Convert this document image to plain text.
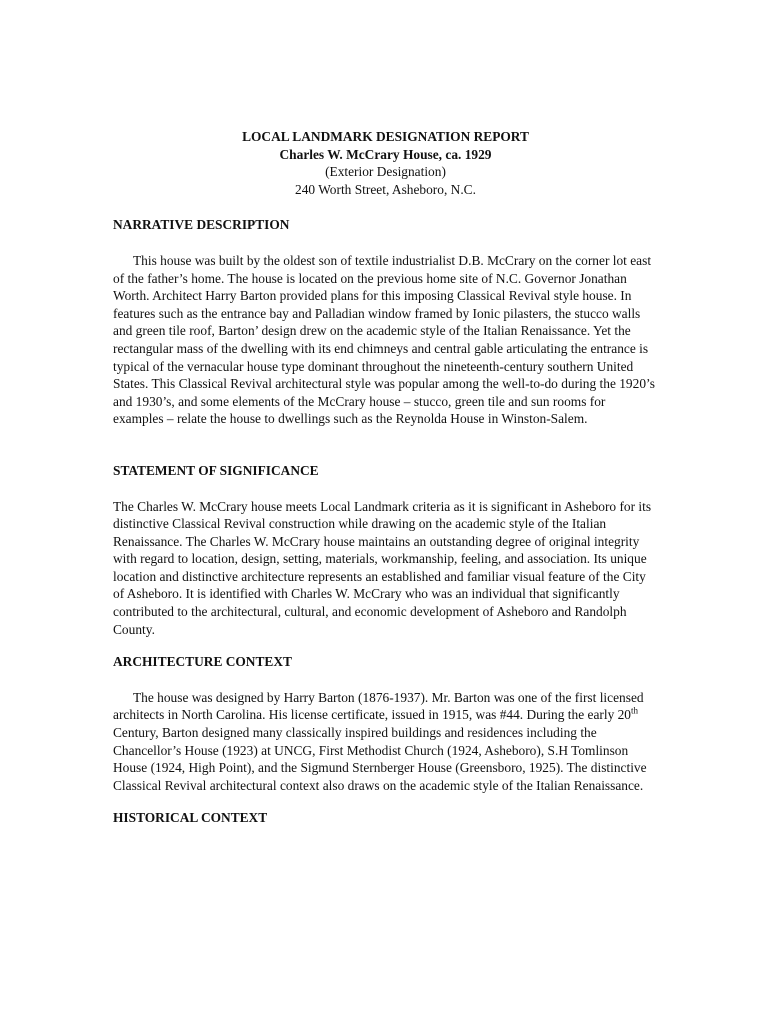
LOCAL LANDMARK DESIGNATION REPORT
Charles W. McCrary House, ca. 1929
(Exterior Designation)
240 Worth Street, Asheboro, N.C.
NARRATIVE DESCRIPTION

This house was built by the oldest son of textile industrialist D.B. McCrary on the corner lot east of the father’s home. The house is located on the previous home site of N.C. Governor Jonathan Worth. Architect Harry Barton provided plans for this imposing Classical Revival style house. In features such as the entrance bay and Palladian window framed by Ionic pilasters, the stucco walls and green tile roof, Barton’ design drew on the academic style of the Italian Renaissance. Yet the rectangular mass of the dwelling with its end chimneys and central gable articulating the entrance is typical of the vernacular house type dominant throughout the nineteenth-century southern United States. This Classical Revival architectural style was popular among the well-to-do during the 1920’s and 1930’s, and some elements of the McCrary house – stucco, green tile and sun rooms for examples – relate the house to dwellings such as the Reynolda House in Winston-Salem.

STATEMENT OF SIGNIFICANCE

The Charles W. McCrary house meets Local Landmark criteria as it is significant in Asheboro for its distinctive Classical Revival construction while drawing on the academic style of the Italian Renaissance. The Charles W. McCrary house maintains an outstanding degree of original integrity with regard to location, design, setting, materials, workmanship, feeling, and association. Its unique location and distinctive architecture represents an established and familiar visual feature of the City of Asheboro. It is identified with Charles W. McCrary who was an individual that significantly contributed to the architectural, cultural, and economic development of Asheboro and Randolph County.

ARCHITECTURE CONTEXT

The house was designed by Harry Barton (1876-1937). Mr. Barton was one of the first licensed architects in North Carolina. His license certificate, issued in 1915, was #44. During the early 20th Century, Barton designed many classically inspired buildings and residences including the Chancellor’s House (1923) at UNCG, First Methodist Church (1924, Asheboro), S.H Tomlinson House (1924, High Point), and the Sigmund Sternberger House (Greensboro, 1925). The distinctive Classical Revival architectural context also draws on the academic style of the Italian Renaissance.

HISTORICAL CONTEXT
